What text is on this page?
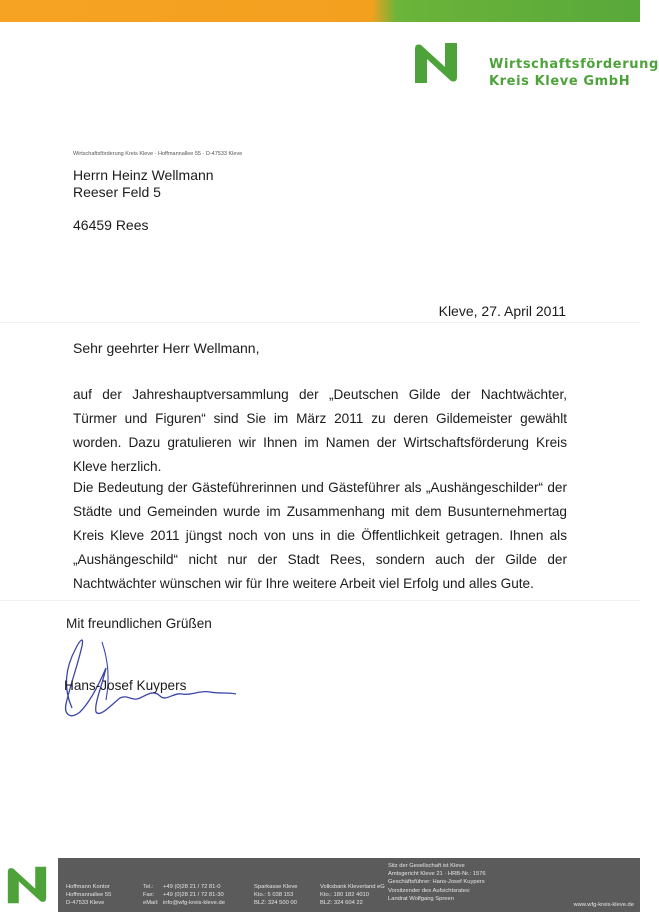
Wirtschaftsförderung
Kreis Kleve GmbH
Wirtschaftsförderung Kreis Kleve · Hoffmannallee 55 · D-47533 Kleve
Herrn Heinz Wellmann
Reeser Feld 5
46459 Rees
Kleve, 27. April 2011
Sehr geehrter Herr Wellmann,
auf der Jahreshauptversammlung der „Deutschen Gilde der Nachtwächter, Türmer und Figuren“ sind Sie im März 2011 zu deren Gildemeister gewählt worden. Dazu gratulieren wir Ihnen im Namen der Wirtschaftsförderung Kreis Kleve herzlich.
Die Bedeutung der Gästeführerinnen und Gästeführer als „Aushängeschilder“ der Städte und Gemeinden wurde im Zusammenhang mit dem Busunternehmertag Kreis Kleve 2011 jüngst noch von uns in die Öffentlichkeit getragen. Ihnen als „Aushängeschild“ nicht nur der Stadt Rees, sondern auch der Gilde der Nachtwächter wünschen wir für Ihre weitere Arbeit viel Erfolg und alles Gute.
Mit freundlichen Grüßen
Hans-Josef Kuypers
Hoffmann Kontor
Hoffmannallee 55
D-47533 Kleve
Tel.: +49 (0)28 21 / 72 81-0
Fax: +49 (0)28 21 / 72 81-30
eMail: info@wfg-kreis-kleve.de
Sparkasse Kleve
Kto.: 5 038 153
BLZ: 324 500 00
Volksbank Kleverland eG
Kto.: 180 182 4010
BLZ: 324 604 22
Sitz der Gesellschaft ist Kleve
Amtsgericht Kleve 21 · HRB-Nr.: 1576
Geschäftsführer: Hans-Josef Kuypers
Vorsitzender des Aufsichtsrates:
Landrat Wolfgang Spreen
www.wfg-kreis-kleve.de
